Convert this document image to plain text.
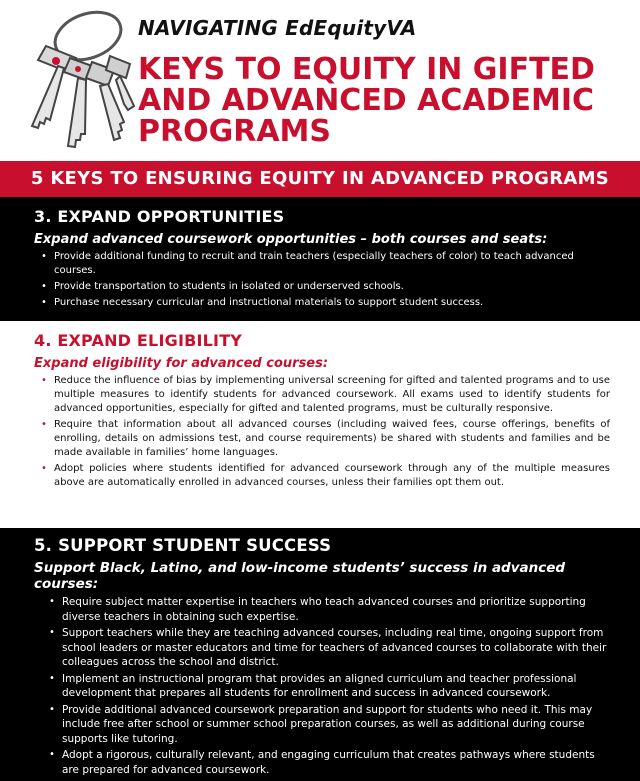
NAVIGATING EdEquityVA
KEYS TO EQUITY IN GIFTED
AND ADVANCED ACADEMIC
PROGRAMS
5 KEYS TO ENSURING EQUITY IN ADVANCED PROGRAMS
3. EXPAND OPPORTUNITIES
Expand advanced coursework opportunities – both courses and seats:
• Provide additional funding to recruit and train teachers (especially teachers of color) to teach advanced courses.
• Provide transportation to students in isolated or underserved schools.
• Purchase necessary curricular and instructional materials to support student success.
4. EXPAND ELIGIBILITY
Expand eligibility for advanced courses:
• Reduce the influence of bias by implementing universal screening for gifted and talented programs and to use multiple measures to identify students for advanced coursework. All exams used to identify students for advanced opportunities, especially for gifted and talented programs, must be culturally responsive.
• Require that information about all advanced courses (including waived fees, course offerings, benefits of enrolling, details on admissions test, and course requirements) be shared with students and families and be made available in families’ home languages.
• Adopt policies where students identified for advanced coursework through any of the multiple measures above are automatically enrolled in advanced courses, unless their families opt them out.
5. SUPPORT STUDENT SUCCESS
Support Black, Latino, and low-income students’ success in advanced courses:
• Require subject matter expertise in teachers who teach advanced courses and prioritize supporting diverse teachers in obtaining such expertise.
• Support teachers while they are teaching advanced courses, including real time, ongoing support from school leaders or master educators and time for teachers of advanced courses to collaborate with their colleagues across the school and district.
• Implement an instructional program that provides an aligned curriculum and teacher professional development that prepares all students for enrollment and success in advanced coursework.
• Provide additional advanced coursework preparation and support for students who need it. This may include free after school or summer school preparation courses, as well as additional during course supports like tutoring.
• Adopt a rigorous, culturally relevant, and engaging curriculum that creates pathways where students are prepared for advanced coursework.
